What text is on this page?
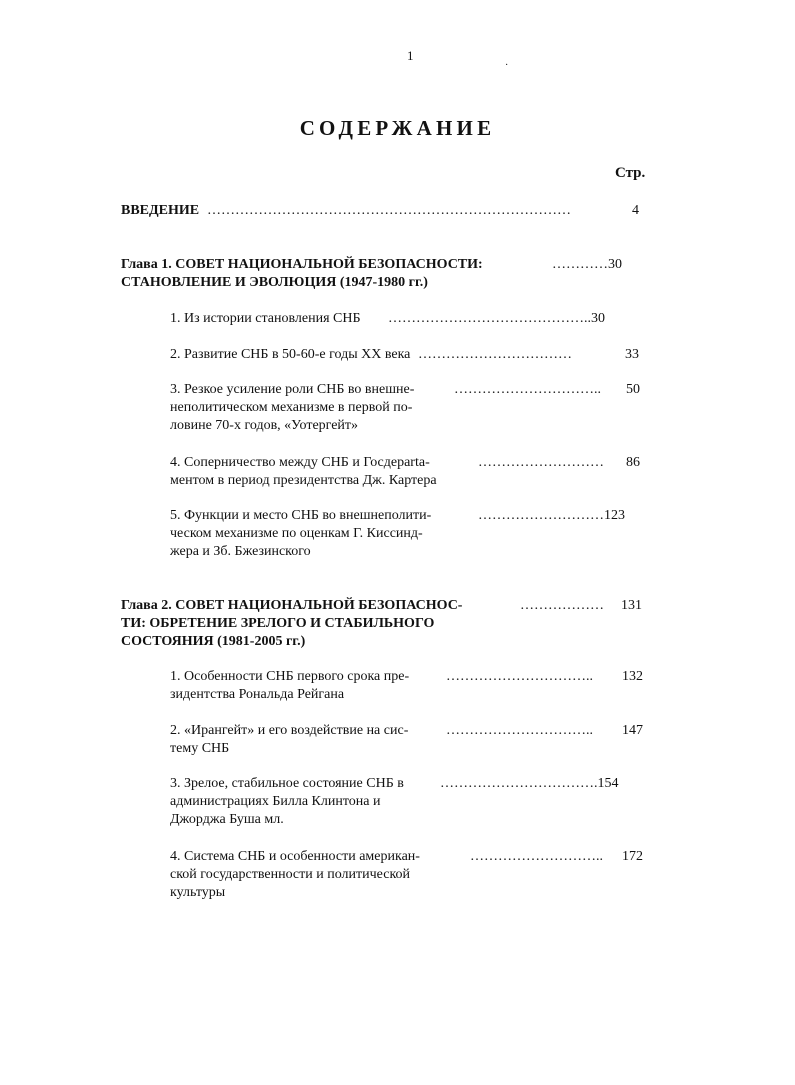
1
·
СОДЕРЖАНИЕ
Стр.
ВВЕДЕНИЕ ……………………………………………………………………	4
Глава 1. СОВЕТ НАЦИОНАЛЬНОЙ БЕЗОПАСНОСТИ:
СТАНОВЛЕНИЕ И ЭВОЛЮЦИЯ (1947-1980 гг.)
…………30
1. Из истории становления СНБ ……………………………………..30
2. Развитие СНБ в 50-60-е годы ХХ века ……………………………	33
3. Резкое усиление роли СНБ во внешне-
неполитическом механизме в первой по-
ловине 70-х годов, «Уотергейт»
………………………….. 50
4. Соперничество между СНБ и Госдеparta-
ментом в период президентства Дж. Картера
……………………… 86
5. Функции и место СНБ во внешнеполити-
ческом механизме по оценкам Г. Киссинд-
жера и Зб. Бжезинского
………………………123
Глава 2. СОВЕТ НАЦИОНАЛЬНОЙ БЕЗОПАСНОС-
ТИ: ОБРЕТЕНИЕ ЗРЕЛОГО И СТАБИЛЬНОГО
СОСТОЯНИЯ (1981-2005 гг.)
……………… 131
1. Особенности СНБ первого срока пре-
зидентства Рональда Рейгана
………………………….. 132
2. «Ирангейт» и его воздействие на сис-
тему СНБ
………………………….. 147
3. Зрелое, стабильное состояние СНБ в
администрациях Билла Клинтона и
Джорджа Буша мл.
…………………………….154
4. Система СНБ и особенности американ-
ской государственности и политической
культуры
……………………….. 172
